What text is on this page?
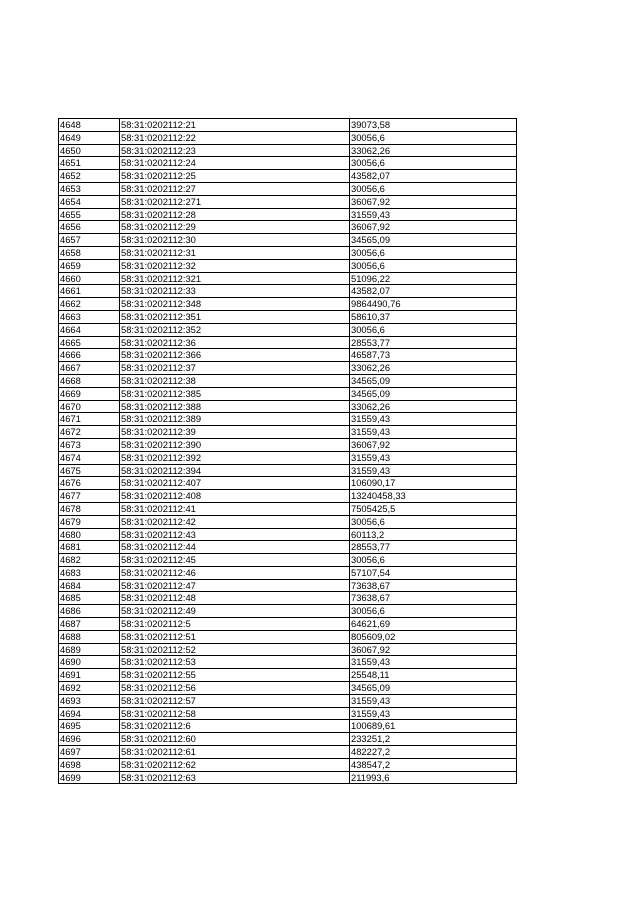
4648	58:31:0202112:21	39073,58
4649	58:31:0202112:22	30056,6
4650	58:31:0202112:23	33062,26
4651	58:31:0202112:24	30056,6
4652	58:31:0202112:25	43582,07
4653	58:31:0202112:27	30056,6
4654	58:31:0202112:271	36067,92
4655	58:31:0202112:28	31559,43
4656	58:31:0202112:29	36067,92
4657	58:31:0202112:30	34565,09
4658	58:31:0202112:31	30056,6
4659	58:31:0202112:32	30056,6
4660	58:31:0202112:321	51096,22
4661	58:31:0202112:33	43582,07
4662	58:31:0202112:348	9864490,76
4663	58:31:0202112:351	58610,37
4664	58:31:0202112:352	30056,6
4665	58:31:0202112:36	28553,77
4666	58:31:0202112:366	46587,73
4667	58:31:0202112:37	33062,26
4668	58:31:0202112:38	34565,09
4669	58:31:0202112:385	34565,09
4670	58:31:0202112:388	33062,26
4671	58:31:0202112:389	31559,43
4672	58:31:0202112:39	31559,43
4673	58:31:0202112:390	36067,92
4674	58:31:0202112:392	31559,43
4675	58:31:0202112:394	31559,43
4676	58:31:0202112:407	106090,17
4677	58:31:0202112:408	13240458,33
4678	58:31:0202112:41	7505425,5
4679	58:31:0202112:42	30056,6
4680	58:31:0202112:43	60113,2
4681	58:31:0202112:44	28553,77
4682	58:31:0202112:45	30056,6
4683	58:31:0202112:46	57107,54
4684	58:31:0202112:47	73638,67
4685	58:31:0202112:48	73638,67
4686	58:31:0202112:49	30056,6
4687	58:31:0202112:5	64621,69
4688	58:31:0202112:51	805609,02
4689	58:31:0202112:52	36067,92
4690	58:31:0202112:53	31559,43
4691	58:31:0202112:55	25548,11
4692	58:31:0202112:56	34565,09
4693	58:31:0202112:57	31559,43
4694	58:31:0202112:58	31559,43
4695	58:31:0202112:6	100689,61
4696	58:31:0202112:60	233251,2
4697	58:31:0202112:61	482227,2
4698	58:31:0202112:62	438547,2
4699	58:31:0202112:63	211993,6
